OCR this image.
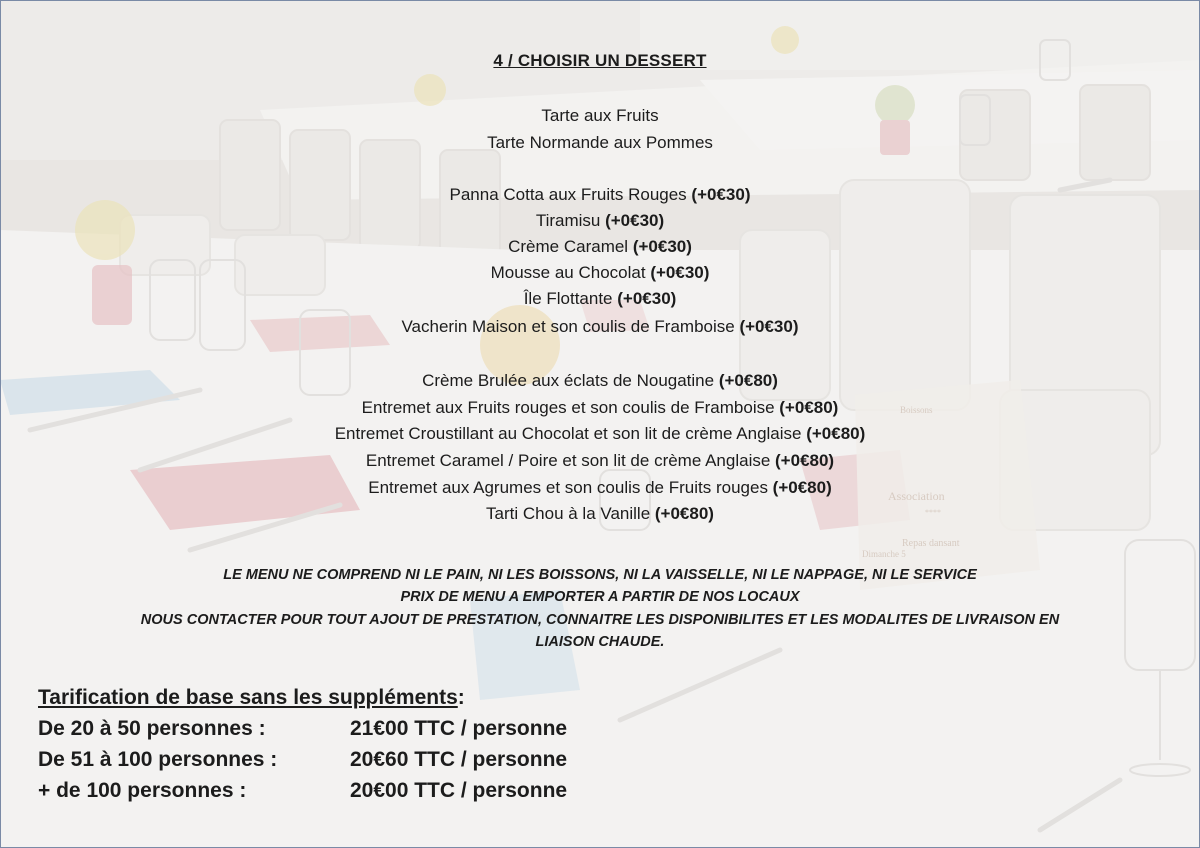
4 / CHOISIR UN DESSERT
Tarte aux Fruits
Tarte Normande aux Pommes
Panna Cotta aux Fruits Rouges (+0€30)
Tiramisu (+0€30)
Crème Caramel (+0€30)
Mousse au Chocolat (+0€30)
Île Flottante (+0€30)
Vacherin Maison et son coulis de Framboise (+0€30)
Crème Brulée aux éclats de Nougatine (+0€80)
Entremet aux Fruits rouges et son coulis de Framboise (+0€80)
Entremet Croustillant au Chocolat et son lit de crème Anglaise (+0€80)
Entremet Caramel / Poire et son lit de crème Anglaise (+0€80)
Entremet aux Agrumes et son coulis de Fruits rouges (+0€80)
Tarti Chou à la Vanille (+0€80)
LE MENU NE COMPREND NI LE PAIN, NI LES BOISSONS, NI LA VAISSELLE, NI LE NAPPAGE, NI LE SERVICE
PRIX DE MENU A EMPORTER A PARTIR DE NOS LOCAUX
NOUS CONTACTER POUR TOUT AJOUT DE PRESTATION, CONNAITRE LES DISPONIBILITES ET LES MODALITES DE LIVRAISON EN
LIAISON CHAUDE.
Tarification de base sans les suppléments:
De 20 à 50 personnes :	21€00 TTC / personne
De 51 à 100 personnes :	20€60 TTC / personne
+ de 100 personnes :	20€00 TTC / personne
